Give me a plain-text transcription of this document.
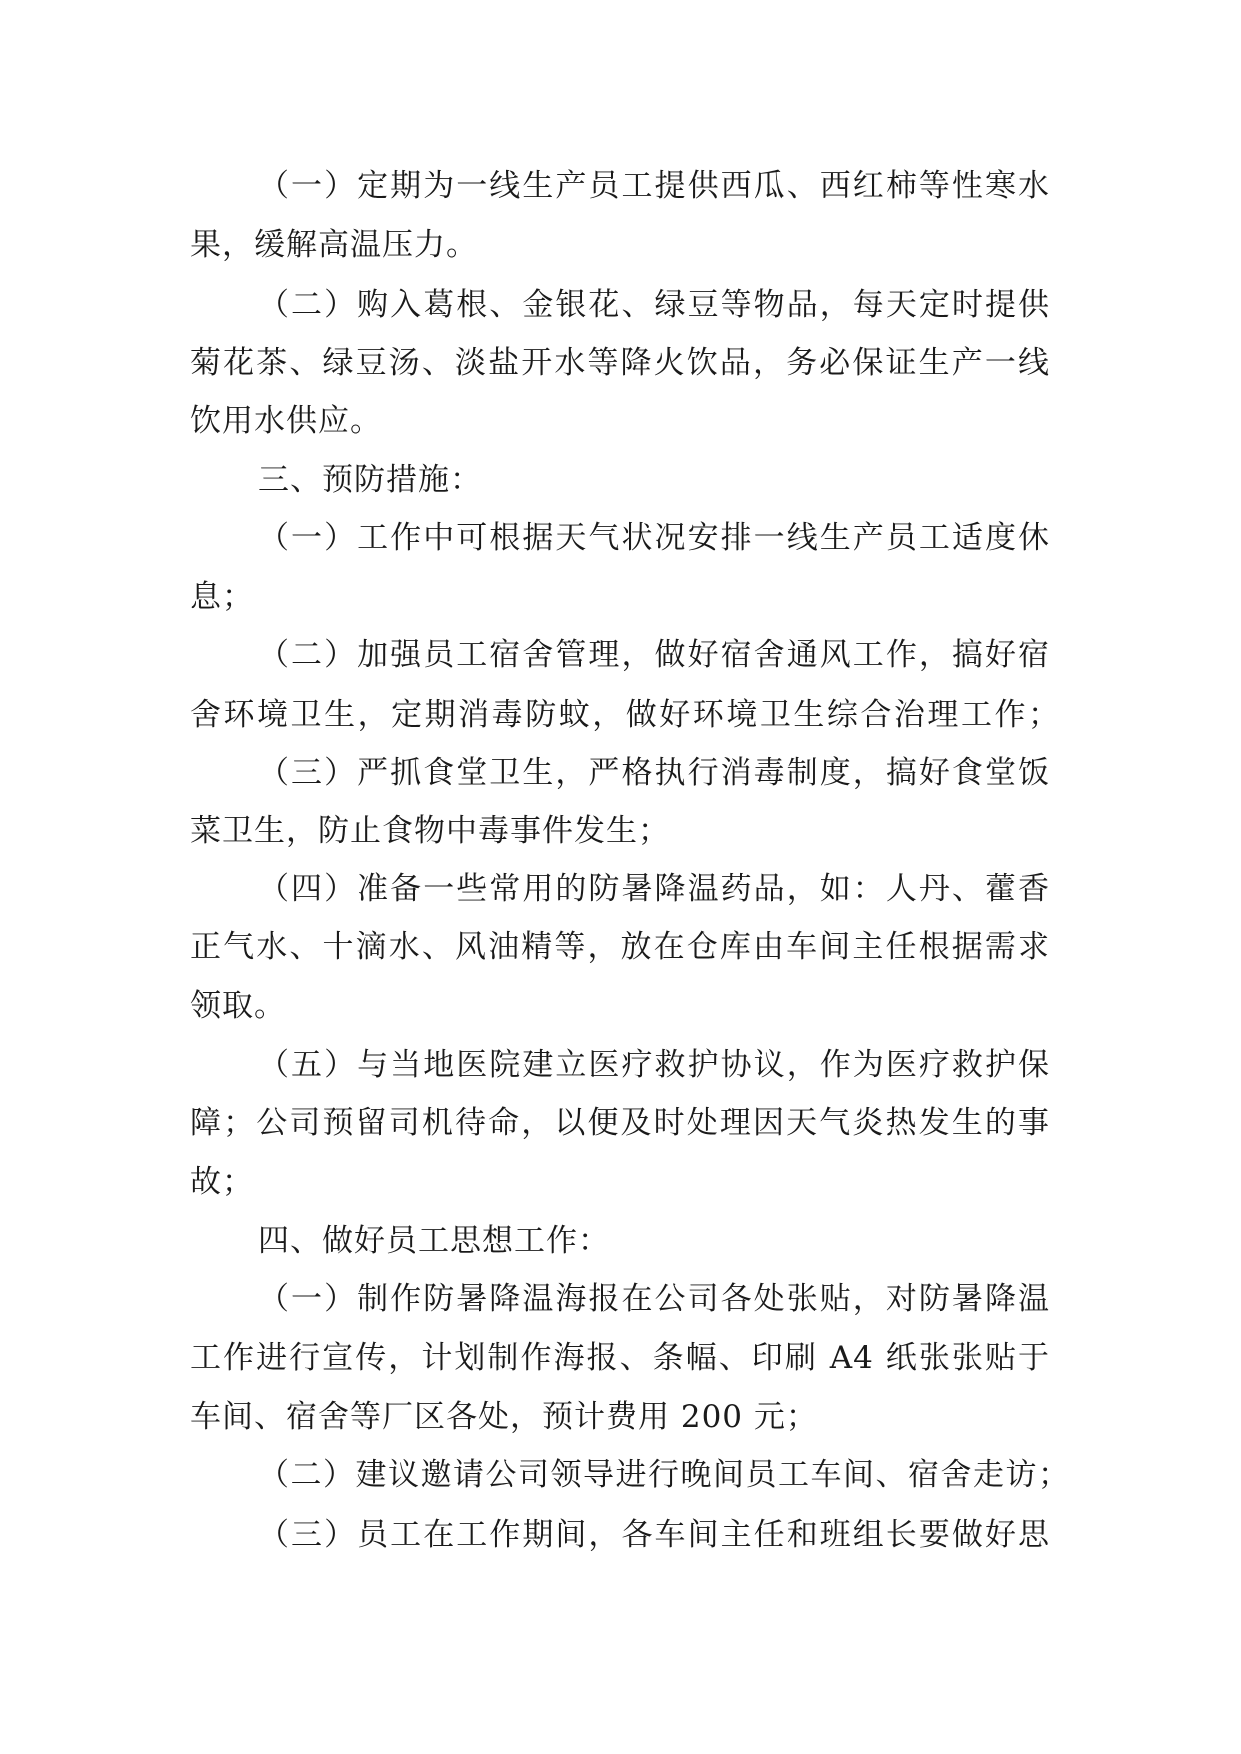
（一）定期为一线生产员工提供西瓜、西红柿等性寒水

果，缓解高温压力。

（二）购入葛根、金银花、绿豆等物品，每天定时提供

菊花茶、绿豆汤、淡盐开水等降火饮品，务必保证生产一线

饮用水供应。

三、预防措施：

（一）工作中可根据天气状况安排一线生产员工适度休

息；

（二）加强员工宿舍管理，做好宿舍通风工作，搞好宿

舍环境卫生，定期消毒防蚊，做好环境卫生综合治理工作；

（三）严抓食堂卫生，严格执行消毒制度，搞好食堂饭

菜卫生，防止食物中毒事件发生；

（四）准备一些常用的防暑降温药品，如：人丹、藿香

正气水、十滴水、风油精等，放在仓库由车间主任根据需求

领取。

（五）与当地医院建立医疗救护协议，作为医疗救护保

障；公司预留司机待命，以便及时处理因天气炎热发生的事

故；

四、做好员工思想工作：

（一）制作防暑降温海报在公司各处张贴，对防暑降温

工作进行宣传，计划制作海报、条幅、印刷 A4 纸张张贴于

车间、宿舍等厂区各处，预计费用 200 元；

（二）建议邀请公司领导进行晚间员工车间、宿舍走访；

（三）员工在工作期间，各车间主任和班组长要做好思
